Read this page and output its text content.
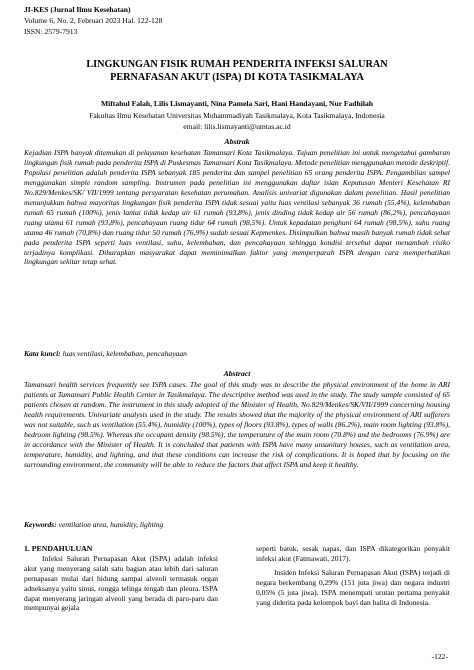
JI-KES (Jurnal Ilmu Kesehatan)
Volume 6, No. 2, Februari 2023 Hal. 122-128
ISSN: 2579-7913
LINGKUNGAN FISIK RUMAH PENDERITA INFEKSI SALURAN
PERNAFASAN AKUT (ISPA) DI KOTA TASIKMALAYA
Miftahul Falah, Lilis Lismayanti, Nina Pamela Sari, Hani Handayani, Nur Fadhilah
Fakultas Ilmu Kesehatan Universitas Muhammadiyah Tasikmalaya, Kota Tasikmalaya, Indonesia
email: lilis.lismayanti@umtas.ac.id
Abstrak
Kejadian ISPA banyak ditemukan di pelayanan kesehatan Tamansari Kota Tasikmalaya. Tujuan penelitian ini untuk mengetahui gambaran lingkungan fisik rumah pada penderita ISPA di Puskesmas Tamansari Kota Tasikmalaya. Metode penelitian menggunakan metode deskriptif. Populasi penelitian adalah penderita ISPA sebanyak 185 penderita dan sampel penelitian 65 orang penderita ISPA. Pengambilan sampel menggunakan simple random sampling. Instrumen pada penelitian ini menggunakan daftar isian Keputusan Menteri Kesehatan RI No.829/Menkes/SK/ VII/1999 tentang persyaratan kesehatan perumahan. Analisis univariat digunakan dalam penelitian. Hasil penelitian menunjukkan bahwa mayoritas lingkungan fisik penderita ISPA tidak sesuai yaitu luas ventilasi sebanyak 36 rumah (55,4%), kelembaban rumah 65 rumah (100%), jenis lantai tidak kedap air 61 rumah (93,8%), jenis dinding tidak kedap air 56 rumah (86,2%), pencahayaan ruang utama 61 rumah (93,8%), pencahayaan ruang tidur 64 rumah (98,5%). Untuk kepadatan penghuni 64 rumah (98,5%), suhu ruang utama 46 rumah (70,8%) dan ruang tidur 50 rumah (76,9%) sudah sesuai Kepmenkes. Disimpulkan bahwa masih banyak rumah tidak sehat pada penderita ISPA seperti luas ventilasi, suhu, kelembaban, dan pencahayaan sehingga kondisi tersebut dapat menambah risiko terjadinya komplikasi. Diharapkan masyarakat dapat meminimalkan faktor yang memperparah ISPA dengan cara memperhatikan lingkungan sekitar tetap sehat.
Kata kunci: luas ventilasi, kelembaban, pencahayaan
Abstract
Tamansari health services frequently see ISPA cases. The goal of this study was to describe the physical environment of the home in ARI patients at Tamansari Public Health Center in Tasikmalaya. The descriptive method was used in the study. The study sample consisted of 65 patients chosen at random. The instrument in this study adopted of the Minister of Health, No.829/Menkes/SK/VII/1999 concerning housing health requirements. Univariate analysis used in the study. The results showed that the majority of the physical environment of ARI sufferers was not suitable, such as ventilation (55.4%), humidity (100%), types of floors (93.8%), types of walls (86.2%), main room lighting (93.8%), bedroom lighting (98.5%). Whereas the occupant density (98.5%), the temperature of the main room (70.8%) and the bedrooms (76.9%) are in accordance with the Minister of Health. It is concluded that patients with ISPA have many unsanitary houses, such as ventilation area, temperature, humidity, and lighting, and that these conditions can increase the risk of complications. It is hoped that by focusing on the surrounding environment, the community will be able to reduce the factors that affect ISPA and keep it healthy.
Keywords: ventilation area, humidity, lighting

1. PENDAHULUAN

Infeksi Saluran Pernapasan Akut (ISPA) adalah infeksi akut yang menyerang salah satu bagian atau lebih dari saluran pernapasan mulai dari hidung sampai alveoli termasuk organ adneksanya yaitu sinus, rongga telinga tengah dan pleura. ISPA dapat menyerang jaringan alveoli yang berada di paru-paru dan mempunyai gejala

seperti batuk, sesak napas, dan ISPA dikategorikan penyakit infeksi akut (Fatmawati, 2017).

Insiden Infeksi Saluran Pernapasan Akut (ISPA) terjadi di negara berkembang 0,29% (151 juta jiwa) dan negara industri 0,05% (5 juta jiwa). ISPA menempati urutan pertama penyakit yang diderita pada kelompok bayi dan balita di Indonesia.

-122-
